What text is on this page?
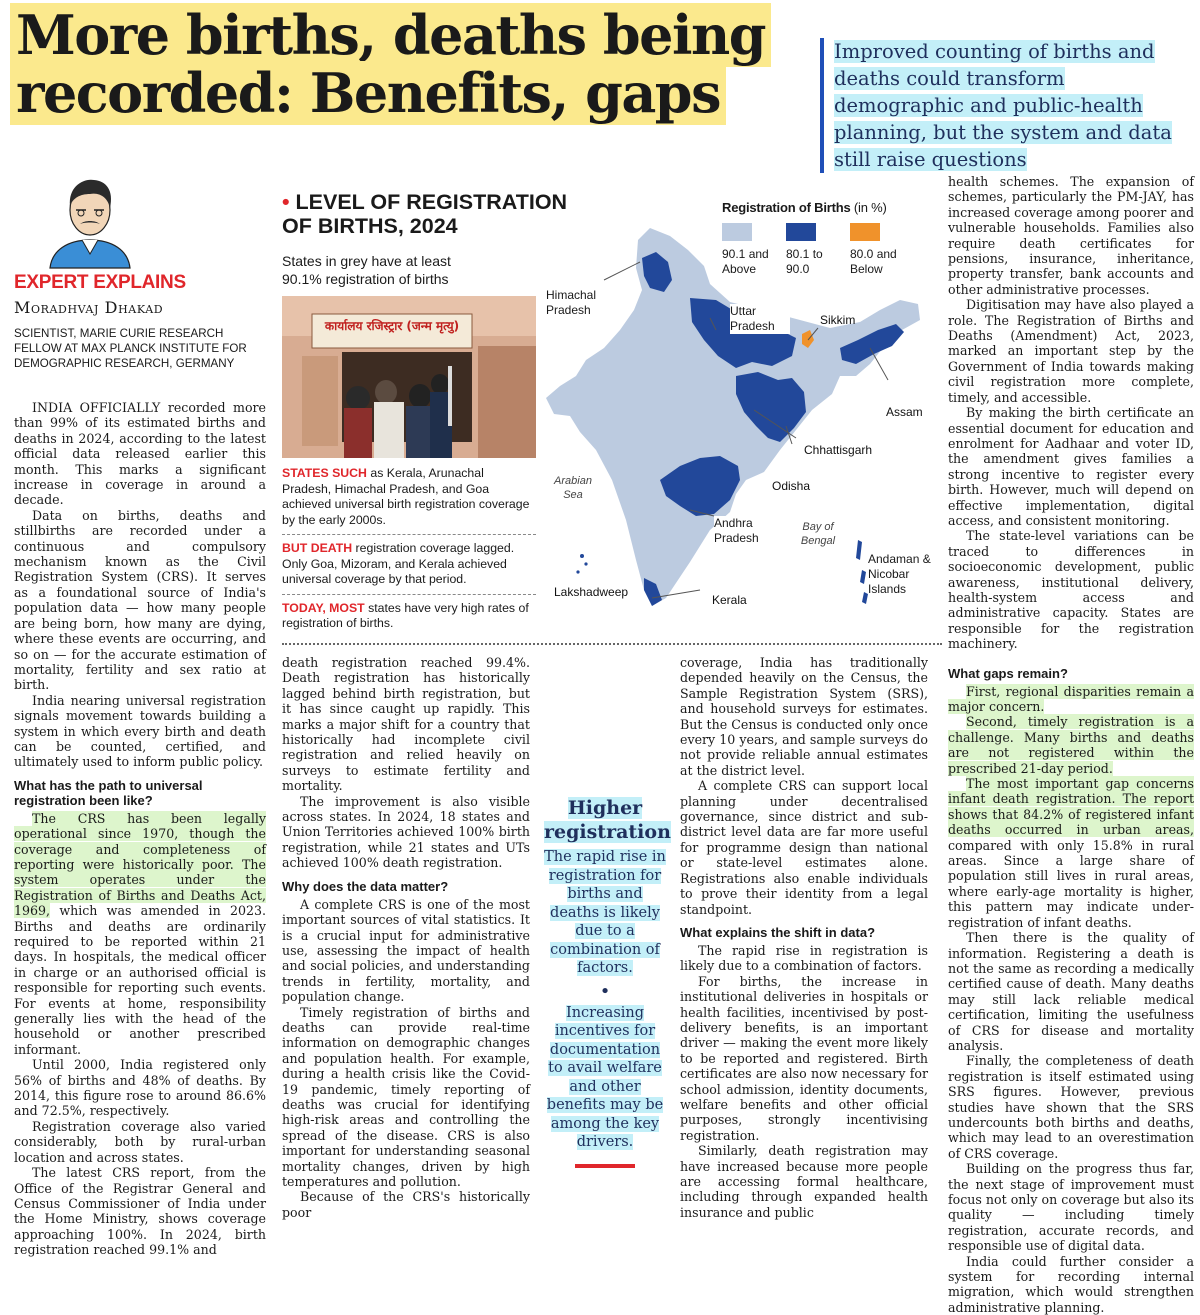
More births, deaths being recorded: Benefits, gaps
Improved counting of births and deaths could transform demographic and public-health planning, but the system and data still raise questions
EXPERT EXPLAINS
Moradhvaj Dhakad
SCIENTIST, MARIE CURIE RESEARCH FELLOW AT MAX PLANCK INSTITUTE FOR DEMOGRAPHIC RESEARCH, GERMANY

INDIA OFFICIALLY recorded more than 99% of its estimated births and deaths in 2024, according to the latest official data released earlier this month. This marks a significant increase in coverage in around a decade.

Data on births, deaths and stillbirths are recorded under a continuous and compulsory mechanism known as the Civil Registration System (CRS). It serves as a foundational source of India's population data — how many people are being born, how many are dying, where these events are occurring, and so on — for the accurate estimation of mortality, fertility and sex ratio at birth.

India nearing universal registration signals movement towards building a system in which every birth and death can be counted, certified, and ultimately used to inform public policy.

What has the path to universal registration been like?

The CRS has been legally operational since 1970, though the coverage and completeness of reporting were historically poor. The system operates under the Registration of Births and Deaths Act, 1969, which was amended in 2023. Births and deaths are ordinarily required to be reported within 21 days. In hospitals, the medical officer in charge or an authorised official is responsible for reporting such events. For events at home, responsibility generally lies with the head of the household or another prescribed informant.

Until 2000, India registered only 56% of births and 48% of deaths. By 2014, this figure rose to around 86.6% and 72.5%, respectively.

Registration coverage also varied considerably, both by rural-urban location and across states.

The latest CRS report, from the Office of the Registrar General and Census Commissioner of India under the Home Ministry, shows coverage approaching 100%. In 2024, birth registration reached 99.1% and

• LEVEL OF REGISTRATION OF BIRTHS, 2024
States in grey have at least 90.1% registration of births
कार्यालय रजिस्ट्रार (जन्म मृत्यु)
STATES SUCH as Kerala, Arunachal Pradesh, Himachal Pradesh, and Goa achieved universal birth registration coverage by the early 2000s.
BUT DEATH registration coverage lagged. Only Goa, Mizoram, and Kerala achieved universal coverage by that period.
TODAY, MOST states have very high rates of registration of births.
Registration of Births (in %)
90.1 and Above
80.1 to 90.0
80.0 and Below
Sikkim
Assam
Chhattisgarh
Odisha
Lakshadweep
Kerala
Himachal Pradesh	Uttar Pradesh
Andhra Pradesh
Arabian Sea
Bay of Bengal
Andaman & Nicobar Islands

death registration reached 99.4%. Death registration has historically lagged behind birth registration, but it has since caught up rapidly. This marks a major shift for a country that historically had incomplete civil registration and relied heavily on surveys to estimate fertility and mortality.

The improvement is also visible across states. In 2024, 18 states and Union Territories achieved 100% birth registration, while 21 states and UTs achieved 100% death registration.

Why does the data matter?

A complete CRS is one of the most important sources of vital statistics. It is a crucial input for administrative use, assessing the impact of health and social policies, and understanding trends in fertility, mortality, and population change.

Timely registration of births and deaths can provide real-time information on demographic changes and population health. For example, during a health crisis like the Covid-19 pandemic, timely reporting of deaths was crucial for identifying high-risk areas and controlling the spread of the disease. CRS is also important for understanding seasonal mortality changes, driven by high temperatures and pollution.

Because of the CRS's historically poor

Higher registration
The rapid rise in registration for births and deaths is likely due to a combination of factors.
•
Increasing incentives for documentation to avail welfare and other benefits may be among the key drivers.

coverage, India has traditionally depended heavily on the Census, the Sample Registration System (SRS), and household surveys for estimates. But the Census is conducted only once every 10 years, and sample surveys do not provide reliable annual estimates at the district level.

A complete CRS can support local planning under decentralised governance, since district and sub-district level data are far more useful for programme design than national or state-level estimates alone. Registrations also enable individuals to prove their identity from a legal standpoint.

What explains the shift in data?

The rapid rise in registration is likely due to a combination of factors.

For births, the increase in institutional deliveries in hospitals or health facilities, incentivised by post-delivery benefits, is an important driver — making the event more likely to be reported and registered. Birth certificates are also now necessary for school admission, identity documents, welfare benefits and other official purposes, strongly incentivising registration.

Similarly, death registration may have increased because more people are accessing formal healthcare, including through expanded health insurance and public

health schemes. The expansion of schemes, particularly the PM-JAY, has increased coverage among poorer and vulnerable households. Families also require death certificates for pensions, insurance, inheritance, property transfer, bank accounts and other administrative processes.

Digitisation may have also played a role. The Registration of Births and Deaths (Amendment) Act, 2023, marked an important step by the Government of India towards making civil registration more complete, timely, and accessible.

By making the birth certificate an essential document for education and enrolment for Aadhaar and voter ID, the amendment gives families a strong incentive to register every birth. However, much will depend on effective implementation, digital access, and consistent monitoring.

The state-level variations can be traced to differences in socioeconomic development, public awareness, institutional delivery, health-system access and administrative capacity. States are responsible for the registration machinery.

What gaps remain?

First, regional disparities remain a major concern.

Second, timely registration is a challenge. Many births and deaths are not registered within the prescribed 21-day period.

The most important gap concerns infant death registration. The report shows that 84.2% of registered infant deaths occurred in urban areas, compared with only 15.8% in rural areas. Since a large share of population still lives in rural areas, where early-age mortality is higher, this pattern may indicate under-registration of infant deaths.

Then there is the quality of information. Registering a death is not the same as recording a medically certified cause of death. Many deaths may still lack reliable medical certification, limiting the usefulness of CRS for disease and mortality analysis.

Finally, the completeness of death registration is itself estimated using SRS figures. However, previous studies have shown that the SRS undercounts both births and deaths, which may lead to an overestimation of CRS coverage.

Building on the progress thus far, the next stage of improvement must focus not only on coverage but also its quality — including timely registration, accurate records, and responsible use of digital data.

India could further consider a system for recording internal migration, which would strengthen administrative planning.
